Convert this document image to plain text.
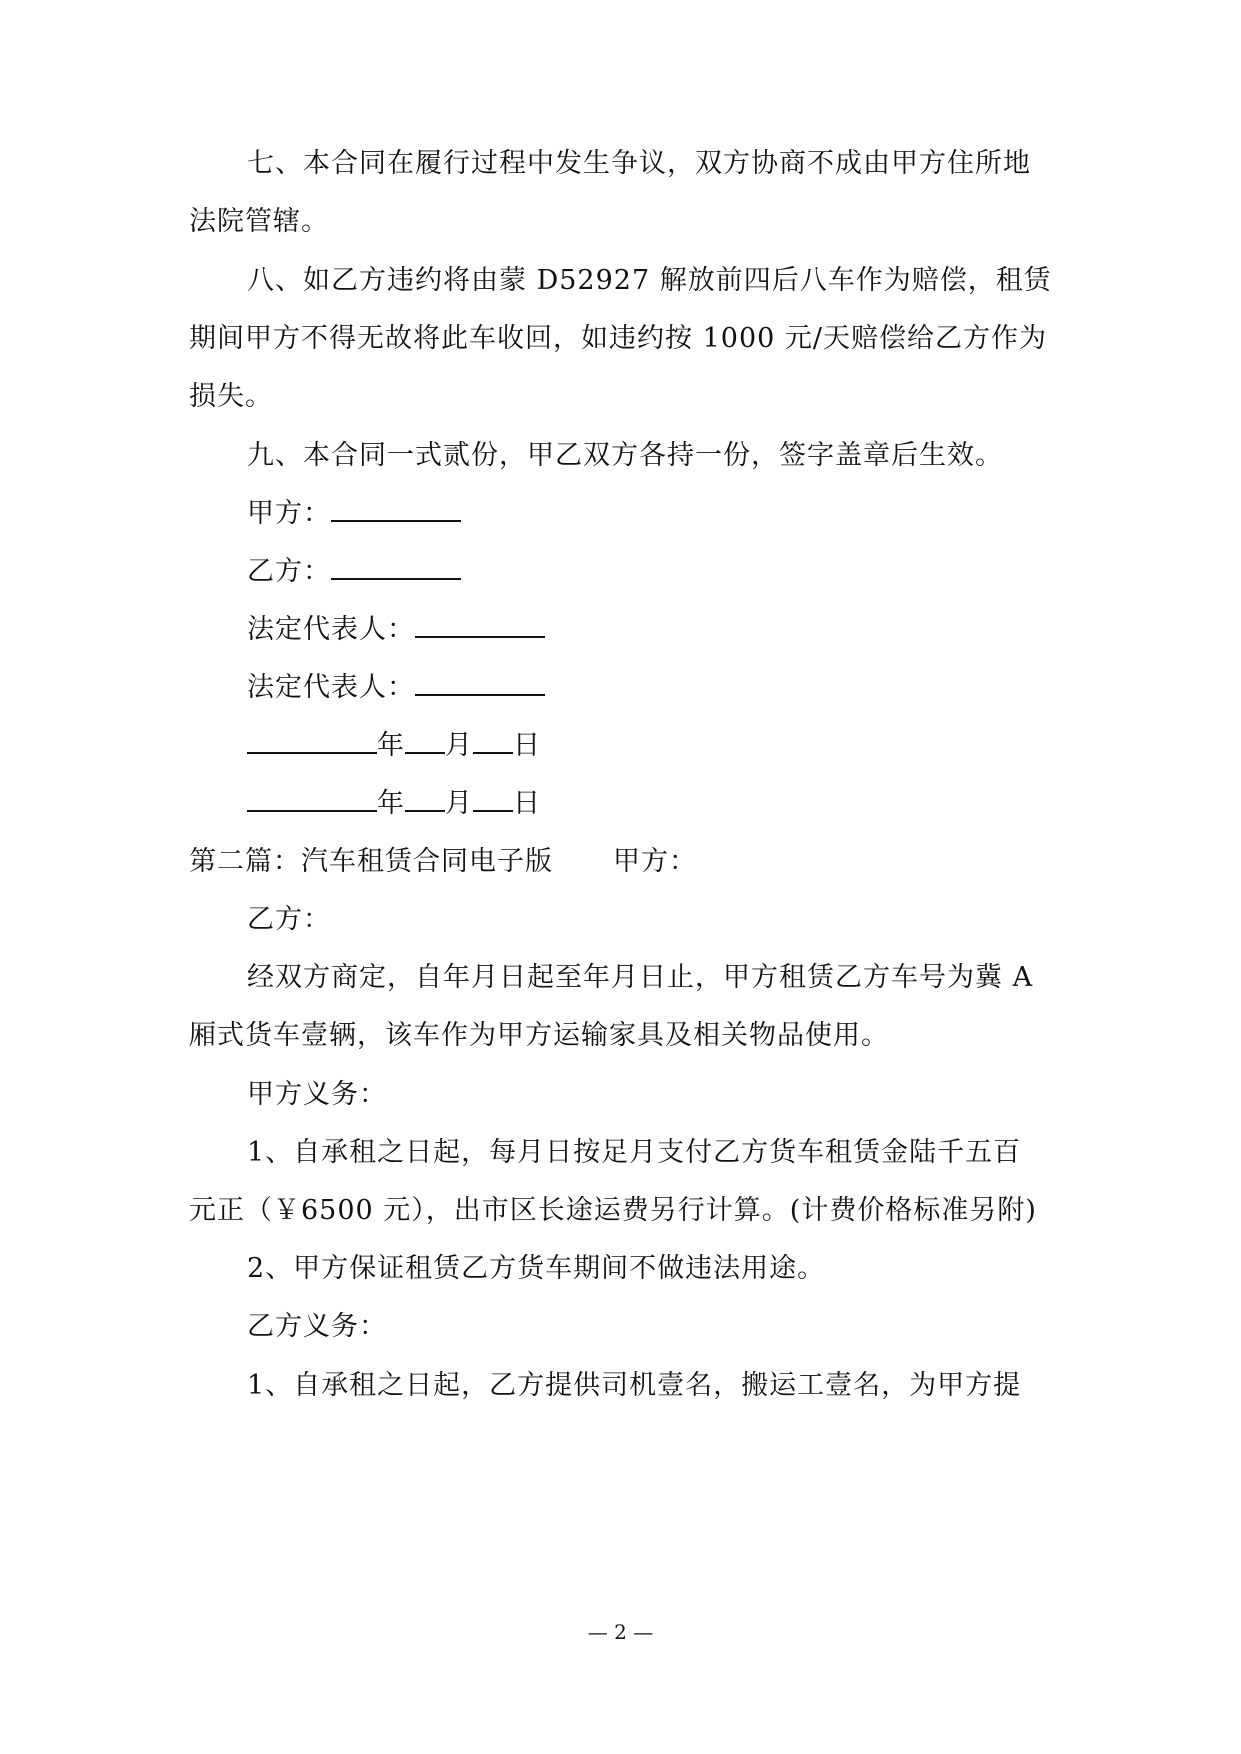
七、本合同在履行过程中发生争议，双方协商不成由甲方住所地
法院管辖。
八、如乙方违约将由蒙 D52927 解放前四后八车作为赔偿，租赁
期间甲方不得无故将此车收回，如违约按 1000 元/天赔偿给乙方作为
损失。
九、本合同一式贰份，甲乙双方各持一份，签字盖章后生效。
甲方：
乙方：
法定代表人：
法定代表人：
年 月 日
年 月 日
第二篇：汽车租赁合同电子版 甲方：
乙方：
经双方商定，自年月日起至年月日止，甲方租赁乙方车号为冀 A
厢式货车壹辆，该车作为甲方运输家具及相关物品使用。
甲方义务：
1、自承租之日起，每月日按足月支付乙方货车租赁金陆千五百
元正（￥6500 元），出市区长途运费另行计算。(计费价格标准另附)
2、甲方保证租赁乙方货车期间不做违法用途。
乙方义务：
1、自承租之日起，乙方提供司机壹名，搬运工壹名，为甲方提
— 2 —
